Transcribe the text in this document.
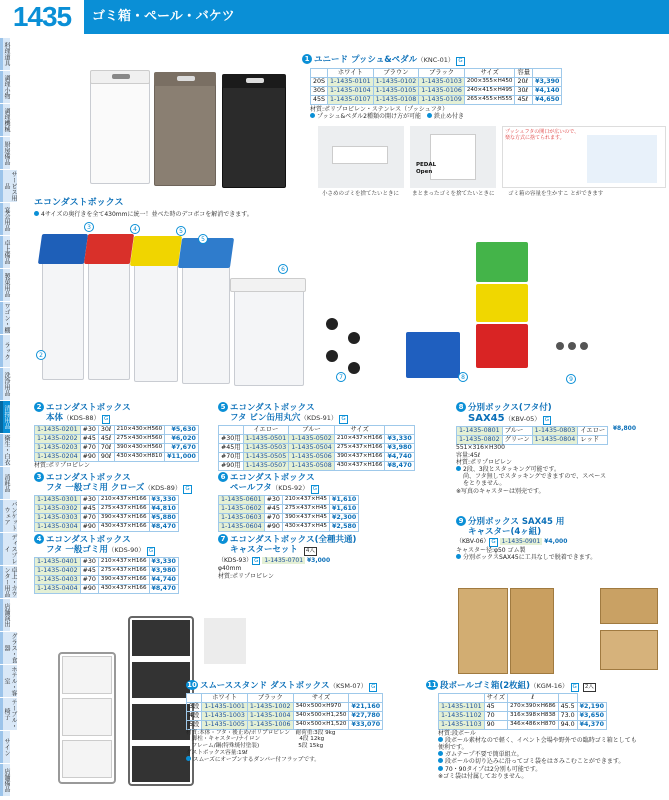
1435	ゴミ箱・ペール・バケツ
料理道具
調理小物
調理機械
厨房備品
サービス用品
宴会用品
卓上備品
製菓用品
ワゴン・棚
ラック
洗浄用品
清掃用品
衛生・白衣
消耗品
バンケットウェア
ディスプレイ
卓上・カウンター用品
店舗演出
グラス・食器
ホテル・客室
テーブル・椅子
サイン
店舗備品
1 ユニード プッシュ&ペダル（KNC-01） G
	ホワイト	ブラウン	ブラック	サイズ	容量	
20S	1-1435-0101	1-1435-0102	1-1435-0103	200×355×H450	20ℓ	¥3,390
30S	1-1435-0104	1-1435-0105	1-1435-0106	240×415×H495	30ℓ	¥4,140
45S	1-1435-0107	1-1435-0108	1-1435-0109	265×455×H555	45ℓ	¥4,650
材質:ポリプロピレン・ステンレス（プッシュフタ）
プッシュ&ペダル2種類の開け方が可能　 鉄止め付き
PEDAL Open
プッシュフタの開口が広いので、楽な方式に捨てられます。
小さめのゴミを捨てたいときに まとまったゴミを捨てたいときに ゴミ箱の容量を生かすこ とができます
エコンダストボックス
4サイズの奥行きを全て430mmに統一！並べた時のデコボコを解消できます。
3	4	5
5
6
2
7	8	9
2 エコンダストボックス
本体（KDS-88） G
1-1435-0201	#30	30ℓ	210×430×H560	¥5,630
1-1435-0202	#45	45ℓ	275×430×H560	¥6,020
1-1435-0203	#70	70ℓ	390×430×H560	¥7,670
1-1435-0204	#90	90ℓ	430×430×H810	¥11,000
材質:ポリプロピレン
3 エコンダストボックス
フタ 一般ゴミ用 クローズ（KDS-89） G
1-1435-0301	#30	210×437×H166	¥3,330
1-1435-0302	#45	275×437×H166	¥4,810
1-1435-0303	#70	390×437×H166	¥5,880
1-1435-0304	#90	430×437×H166	¥8,470
4 エコンダストボックス
フタ 一般ゴミ用（KDS-90） G
1-1435-0401	#30	210×437×H166	¥3,330
1-1435-0402	#45	275×437×H166	¥3,980
1-1435-0403	#70	390×437×H166	¥4,740
1-1435-0404	#90	430×437×H166	¥8,470
5 エコンダストボックス
フタ ビン缶用丸穴（KDS-91） G
	イエロー	ブルー	サイズ	
#30用	1-1435-0501	1-1435-0502	210×437×H166	¥3,330
#45用	1-1435-0503	1-1435-0504	275×437×H166	¥3,980
#70用	1-1435-0505	1-1435-0506	390×437×H166	¥4,740
#90用	1-1435-0507	1-1435-0508	430×437×H166	¥8,470
6 エコンダストボックス
ペールフタ（KDS-92） G
1-1435-0601	#30	210×437×H45	¥1,610
1-1435-0602	#45	275×437×H45	¥1,610
1-1435-0603	#70	390×437×H45	¥2,300
1-1435-0604	#90	430×437×H45	¥2,580
7 エコンダストボックス(全種共通)
キャスターセット 4入
（KDS-93） G 1-1435-0701 ¥3,000
φ40mm
材質:ポリプロピレン
8 分別ボックス(フタ付)
SAX45（KBV-05） G
1-1435-0801	ブルー	1-1435-0803	イエロー
1-1435-0802	グリーン	1-1435-0804	レッド
¥8,800
551×316×H300
容量:45ℓ
材質:ポリプロピレン
2段、3段とスタッキング可能です。
尚、フタ無しでスタッキングできますので、スペースをとりません。
※写真のキャスターは別売です。
9 分別ボックス SAX45 用
キャスター(4ヶ組)
（KBV-06） G 1-1435-0901 ¥4,000
キャスター径:φ50 ゴム製
分別ボックスSAX45に工具なしで脱着できます。
10 スムーススタンド ダストボックス（KSM-07） G
	ホワイト	ブラック	サイズ	
3段	1-1435-1001	1-1435-1002	340×500×H970	¥21,160
4段	1-1435-1003	1-1435-1004	340×500×H1,250	¥27,780
5段	1-1435-1005	1-1435-1006	340×500×H1,520	¥33,070
材質:本体・フタ・後止め/ポリプロピレン　耐荷重:3段 9kg
　脚柱・キャスター/ナイロン　　　　　　　4段 12kg
　フレーム/鋼(特殊焼付塗装)　　　　　　　5段 15kg
ダストボックス容量:19ℓ
スムーズにオープンするダンパー付フラップです。
11 段ボールゴミ箱(2枚組)（KGM-16） G 2入
	サイズ	ℓ		
1-1435-1101	45	270×390×H686	45.5	¥2,190
1-1435-1102	70	316×398×H838	73.0	¥3,650
1-1435-1103	90	346×486×H870	94.0	¥4,370
材質:段ボール
段ボール素材なので軽く、イベント会場や野外での臨時ゴミ箱としても便利です。
ガムテープ不要で簡単組立。
段ボールの切り込みに沿ってゴミ袋をはさみこむことができます。
70・90タイプは2分別も可能です。
※ゴミ袋は付属しておりません。
